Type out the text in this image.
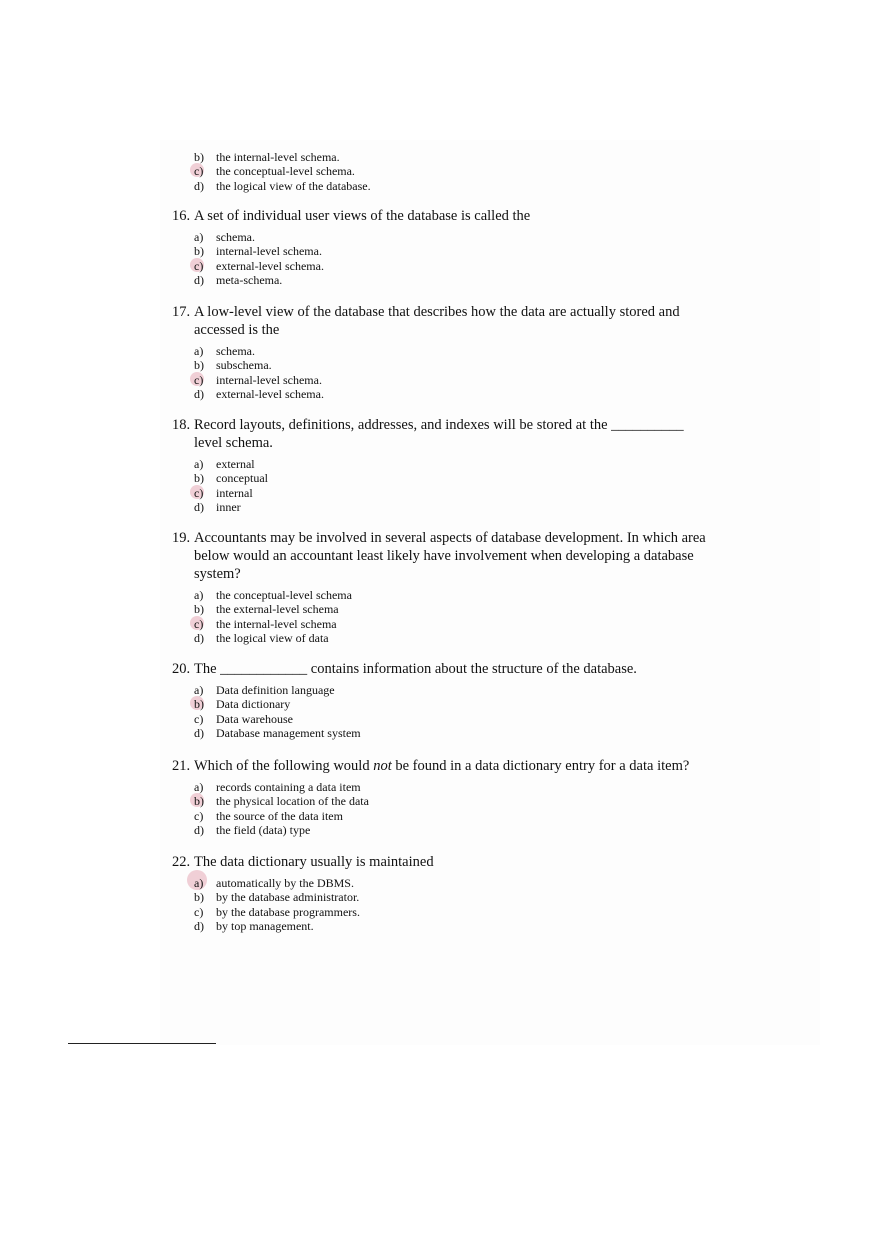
b) the internal-level schema.
c) the conceptual-level schema.
d) the logical view of the database.
16. A set of individual user views of the database is called the
a) schema.
b) internal-level schema.
c) external-level schema.
d) meta-schema.
17. A low-level view of the database that describes how the data are actually stored and accessed is the
a) schema.
b) subschema.
c) internal-level schema.
d) external-level schema.
18. Record layouts, definitions, addresses, and indexes will be stored at the __________ level schema.
a) external
b) conceptual
c) internal
d) inner
19. Accountants may be involved in several aspects of database development. In which area below would an accountant least likely have involvement when developing a database system?
a) the conceptual-level schema
b) the external-level schema
c) the internal-level schema
d) the logical view of data
20. The ____________ contains information about the structure of the database.
a) Data definition language
b) Data dictionary
c) Data warehouse
d) Database management system
21. Which of the following would not be found in a data dictionary entry for a data item?
a) records containing a data item
b) the physical location of the data
c) the source of the data item
d) the field (data) type
22. The data dictionary usually is maintained
a) automatically by the DBMS.
b) by the database administrator.
c) by the database programmers.
d) by top management.
